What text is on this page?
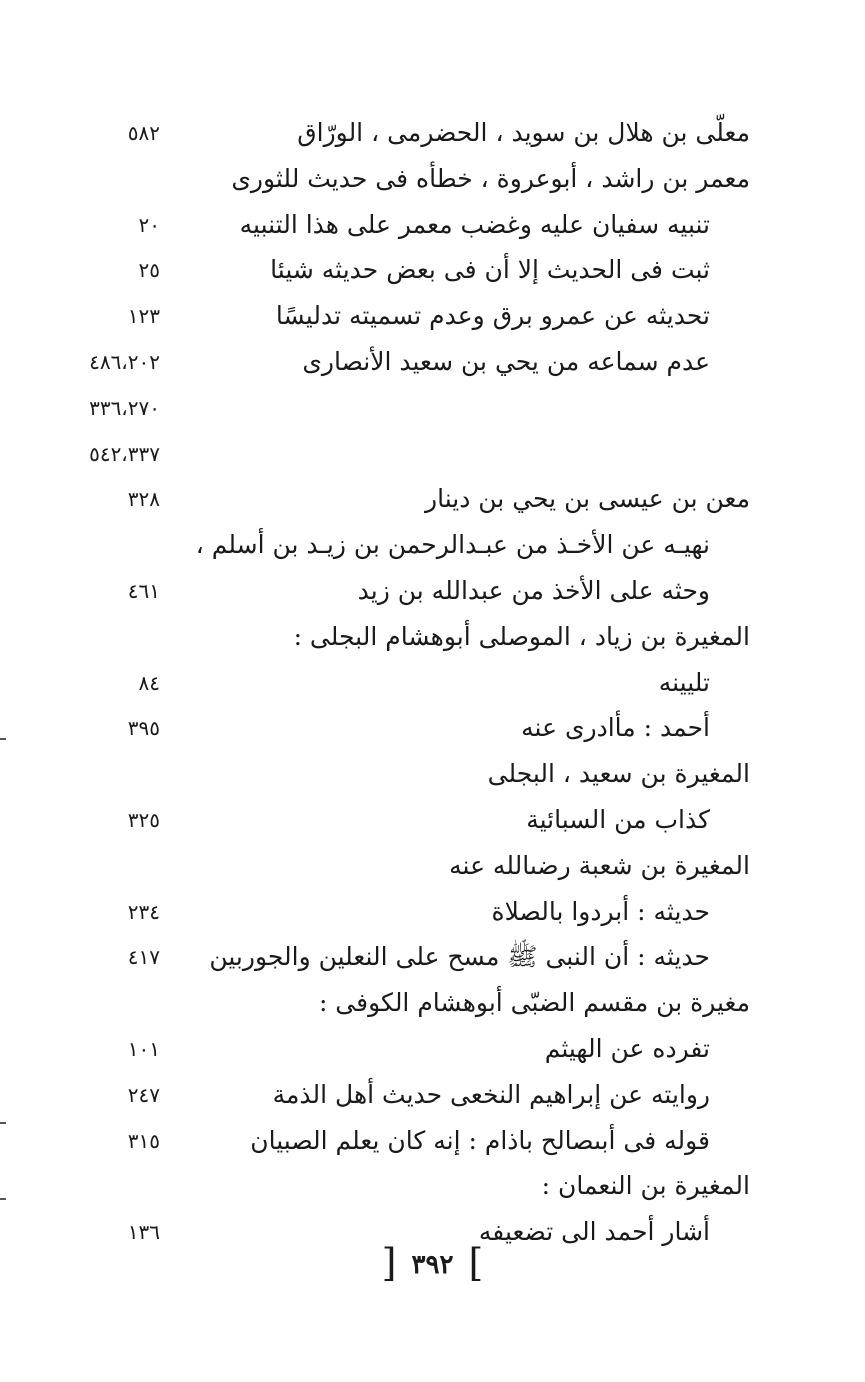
معلّى بن هلال بن سويد ، الحضرمى ، الورّاق
٥٨٢
معمر بن راشد ، أبوعروة ، خطأه فى حديث للثورى
تنبيه سفيان عليه وغضب معمر على هذا التنبيه
٢٠
ثبت فى الحديث إلا أن فى بعض حديثه شيئا
٢٥
تحديثه عن عمرو برق وعدم تسميته تدليسًا
١٢٣
عدم سماعه من يحي بن سعيد الأنصارى
٤٨٦،٢٠٢
٣٣٦،٢٧٠
٥٤٢،٣٣٧
معن بن عيسى بن يحي بن دينار
٣٢٨
نهيـه عن الأخـذ من عبـدالرحمن بن زيـد بن أسلم ،
وحثه على الأخذ من عبدالله بن زيد
٤٦١
المغيرة بن زياد ، الموصلى أبوهشام البجلى :
تليينه
٨٤
أحمد : مأادرى عنه
٣٩٥
المغيرة بن سعيد ، البجلى
كذاب من السبائية
٣٢٥
المغيرة بن شعبة رضىالله عنه
حديثه : أبردوا بالصلاة
٢٣٤
حديثه : أن النبى ﷺ مسح على النعلين والجوربين
٤١٧
مغيرة بن مقسم الضبّى أبوهشام الكوفى :
تفرده عن الهيثم
١٠١
روايته عن إبراهيم النخعى حديث أهل الذمة
٢٤٧
قوله فى أبىصالح باذام : إنه كان يعلم الصبيان
٣١٥
المغيرة بن النعمان :
أشار أحمد الى تضعيفه
١٣٦
] ٣٩٢ [
